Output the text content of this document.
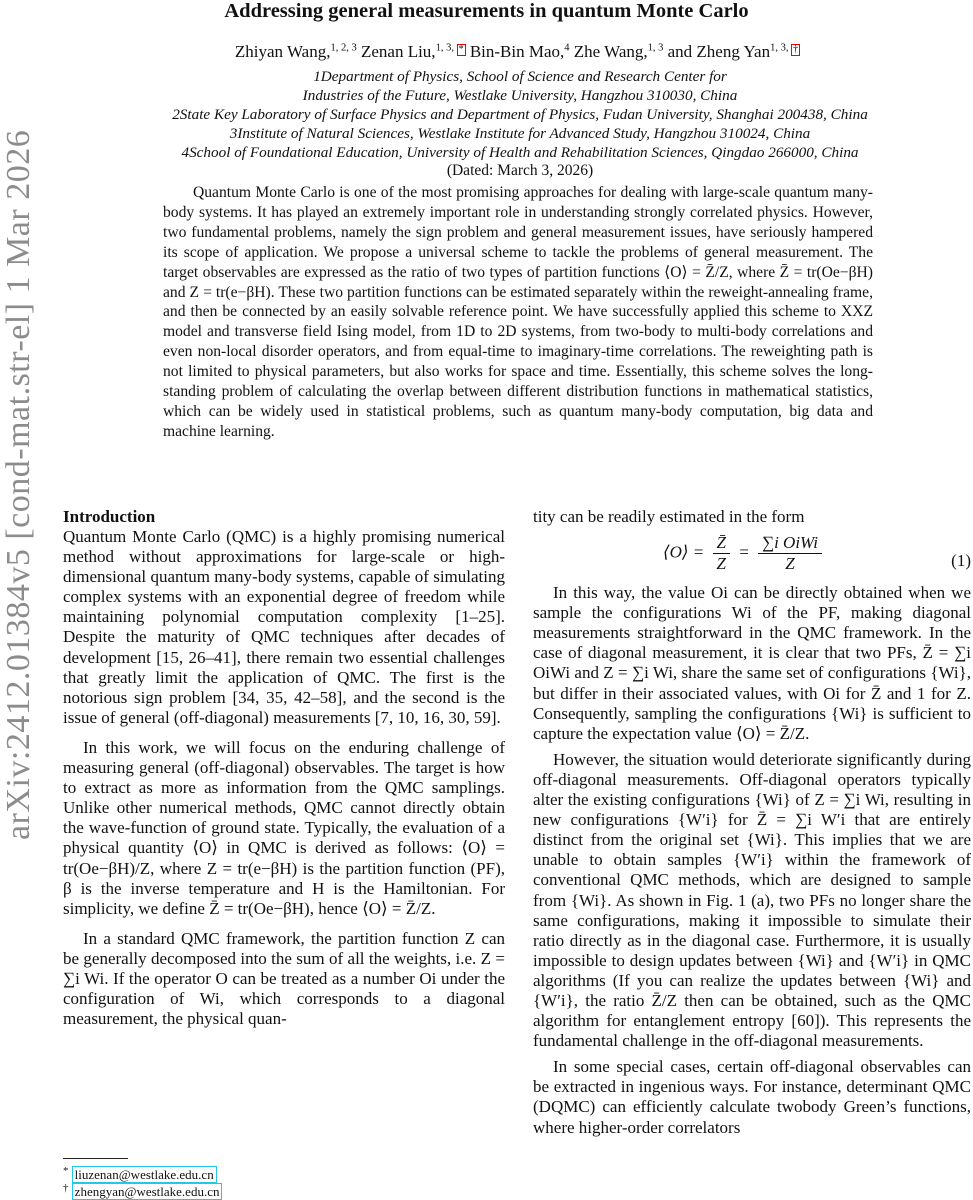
arXiv:2412.01384v5 [cond-mat.str-el] 1 Mar 2026
Addressing general measurements in quantum Monte Carlo
Zhiyan Wang,$^{1, 2, 3}$ Zenan Liu,$^{1, 3,}$ * Bin-Bin Mao,$^4$ Zhe Wang,$^{1, 3}$ and Zheng Yan$^{1, 3,}$ †
1Department of Physics, School of Science and Research Center for
Industries of the Future, Westlake University, Hangzhou 310030, China
2State Key Laboratory of Surface Physics and Department of Physics, Fudan University, Shanghai 200438, China
3Institute of Natural Sciences, Westlake Institute for Advanced Study, Hangzhou 310024, China
4School of Foundational Education, University of Health and Rehabilitation Sciences, Qingdao 266000, China
(Dated: March 3, 2026)
Quantum Monte Carlo is one of the most promising approaches for dealing with large-scale quantum many-body systems. It has played an extremely important role in understanding strongly correlated physics. However, two fundamental problems, namely the sign problem and general measurement issues, have seriously hampered its scope of application. We propose a universal scheme to tackle the problems of general measurement. The target observables are expressed as the ratio of two types of partition functions ⟨O⟩ = Z̄/Z, where Z̄ = tr(Oe−βH) and Z = tr(e−βH). These two partition functions can be estimated separately within the reweight-annealing frame, and then be connected by an easily solvable reference point. We have successfully applied this scheme to XXZ model and transverse field Ising model, from 1D to 2D systems, from two-body to multi-body correlations and even non-local disorder operators, and from equal-time to imaginary-time correlations. The reweighting path is not limited to physical parameters, but also works for space and time. Essentially, this scheme solves the long-standing problem of calculating the overlap between different distribution functions in mathematical statistics, which can be widely used in statistical problems, such as quantum many-body computation, big data and machine learning.
Introduction

Quantum Monte Carlo (QMC) is a highly promising numerical method without approximations for large-scale or high-dimensional quantum many-body systems, capable of simulating complex systems with an exponential degree of freedom while maintaining polynomial computation complexity [1–25]. Despite the maturity of QMC techniques after decades of development [15, 26–41], there remain two essential challenges that greatly limit the application of QMC. The first is the notorious sign problem [34, 35, 42–58], and the second is the issue of general (off-diagonal) measurements [7, 10, 16, 30, 59].

In this work, we will focus on the enduring challenge of measuring general (off-diagonal) observables. The target is how to extract as more as information from the QMC samplings. Unlike other numerical methods, QMC cannot directly obtain the wave-function of ground state. Typically, the evaluation of a physical quantity ⟨O⟩ in QMC is derived as follows: ⟨O⟩ = tr(Oe−βH)/Z, where Z = tr(e−βH) is the partition function (PF), β is the inverse temperature and H is the Hamiltonian. For simplicity, we define Z̄ = tr(Oe−βH), hence ⟨O⟩ = Z̄/Z.

In a standard QMC framework, the partition function Z can be generally decomposed into the sum of all the weights, i.e. Z = ∑i Wi. If the operator O can be treated as a number Oi under the configuration of Wi, which corresponds to a diagonal measurement, the physical quan-

tity can be readily estimated in the form

⟨O⟩ = $\frac{Z̄}{Z} = \frac{\text{∑i OiWi}}{Z}$	(1)

In this way, the value Oi can be directly obtained when we sample the configurations Wi of the PF, making diagonal measurements straightforward in the QMC framework. In the case of diagonal measurement, it is clear that two PFs, Z̄ = ∑i OiWi and Z = ∑i Wi, share the same set of configurations {Wi}, but differ in their associated values, with Oi for Z̄ and 1 for Z. Consequently, sampling the configurations {Wi} is sufficient to capture the expectation value ⟨O⟩ = Z̄/Z.

However, the situation would deteriorate significantly during off-diagonal measurements. Off-diagonal operators typically alter the existing configurations {Wi} of Z = ∑i Wi, resulting in new configurations {W′i} for Z̄ = ∑i W′i that are entirely distinct from the original set {Wi}. This implies that we are unable to obtain samples {W′i} within the framework of conventional QMC methods, which are designed to sample from {Wi}. As shown in Fig. 1 (a), two PFs no longer share the same configurations, making it impossible to simulate their ratio directly as in the diagonal case. Furthermore, it is usually impossible to design updates between {Wi} and {W′i} in QMC algorithms (If you can realize the updates between {Wi} and {W′i}, the ratio Z̄/Z then can be obtained, such as the QMC algorithm for entanglement entropy [60]). This represents the fundamental challenge in the off-diagonal measurements.

In some special cases, certain off-diagonal observables can be extracted in ingenious ways. For instance, determinant QMC (DQMC) can efficiently calculate twobody Green’s functions, where higher-order correlators

* liuzenan@westlake.edu.cn
† zhengyan@westlake.edu.cn
